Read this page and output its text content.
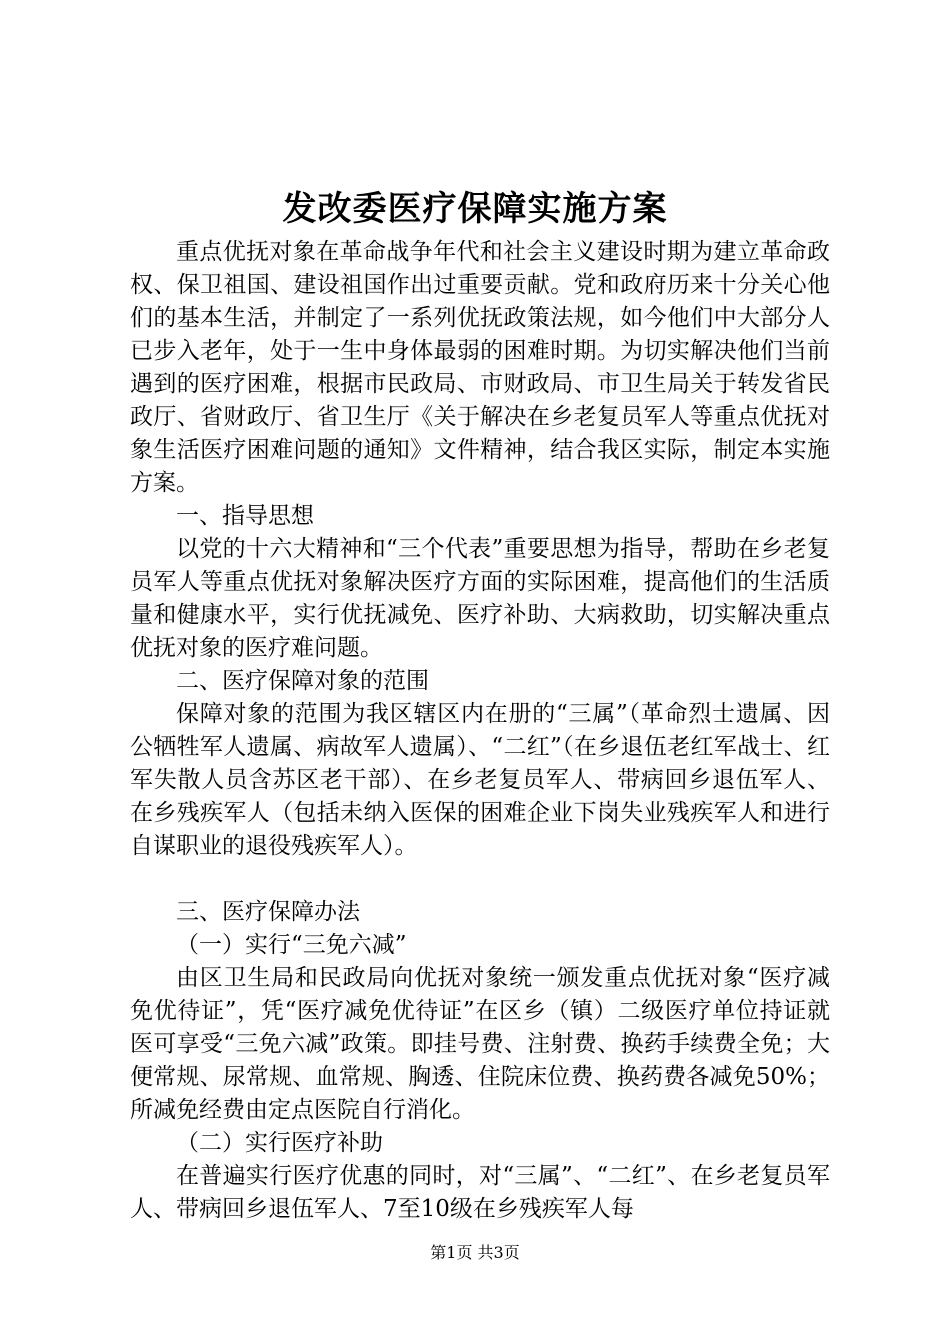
发改委医疗保障实施方案

重点优抚对象在革命战争年代和社会主义建设时期为建立革命政权、保卫祖国、建设祖国作出过重要贡献。党和政府历来十分关心他们的基本生活，并制定了一系列优抚政策法规，如今他们中大部分人已步入老年，处于一生中身体最弱的困难时期。为切实解决他们当前遇到的医疗困难，根据市民政局、市财政局、市卫生局关于转发省民政厅、省财政厅、省卫生厅《关于解决在乡老复员军人等重点优抚对象生活医疗困难问题的通知》文件精神，结合我区实际，制定本实施方案。

一、指导思想

以党的十六大精神和“三个代表”重要思想为指导，帮助在乡老复员军人等重点优抚对象解决医疗方面的实际困难，提高他们的生活质量和健康水平，实行优抚减免、医疗补助、大病救助，切实解决重点优抚对象的医疗难问题。

二、医疗保障对象的范围

保障对象的范围为我区辖区内在册的“三属”（革命烈士遗属、因公牺牲军人遗属、病故军人遗属）、“二红”（在乡退伍老红军战士、红军失散人员含苏区老干部）、在乡老复员军人、带病回乡退伍军人、在乡残疾军人（包括未纳入医保的困难企业下岗失业残疾军人和进行自谋职业的退役残疾军人）。

三、医疗保障办法

（一）实行“三免六减”

由区卫生局和民政局向优抚对象统一颁发重点优抚对象“医疗减免优待证”，凭“医疗减免优待证”在区乡（镇）二级医疗单位持证就医可享受“三免六减”政策。即挂号费、注射费、换药手续费全免；大便常规、尿常规、血常规、胸透、住院床位费、换药费各减免50%；所减免经费由定点医院自行消化。

（二）实行医疗补助

在普遍实行医疗优惠的同时，对“三属”、“二红”、在乡老复员军人、带病回乡退伍军人、7至10级在乡残疾军人每

第1页 共3页
